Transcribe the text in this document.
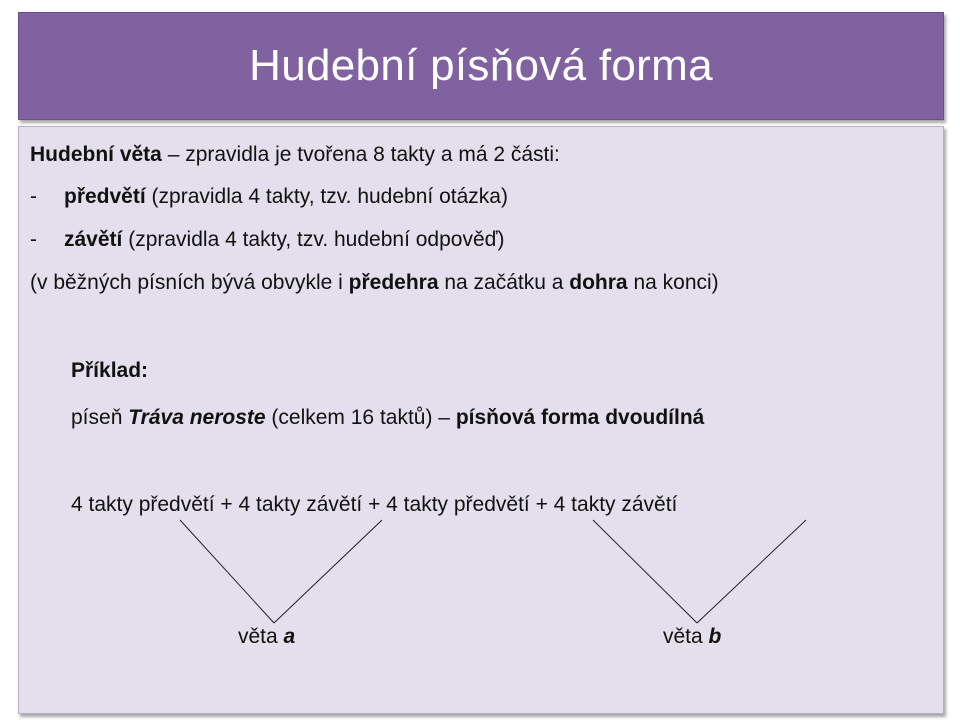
Hudební písňová forma
Hudební věta – zpravidla je tvořena 8 takty a má 2 části:
- předvětí (zpravidla 4 takty, tzv. hudební otázka)
- závětí (zpravidla 4 takty, tzv. hudební odpověď)
(v běžných písních bývá obvykle i předehra na začátku a dohra na konci)
Příklad:
píseň Tráva neroste (celkem 16 taktů) – písňová forma dvoudílná
4 takty předvětí + 4 takty závětí + 4 takty předvětí + 4 takty závětí
věta a	věta b
